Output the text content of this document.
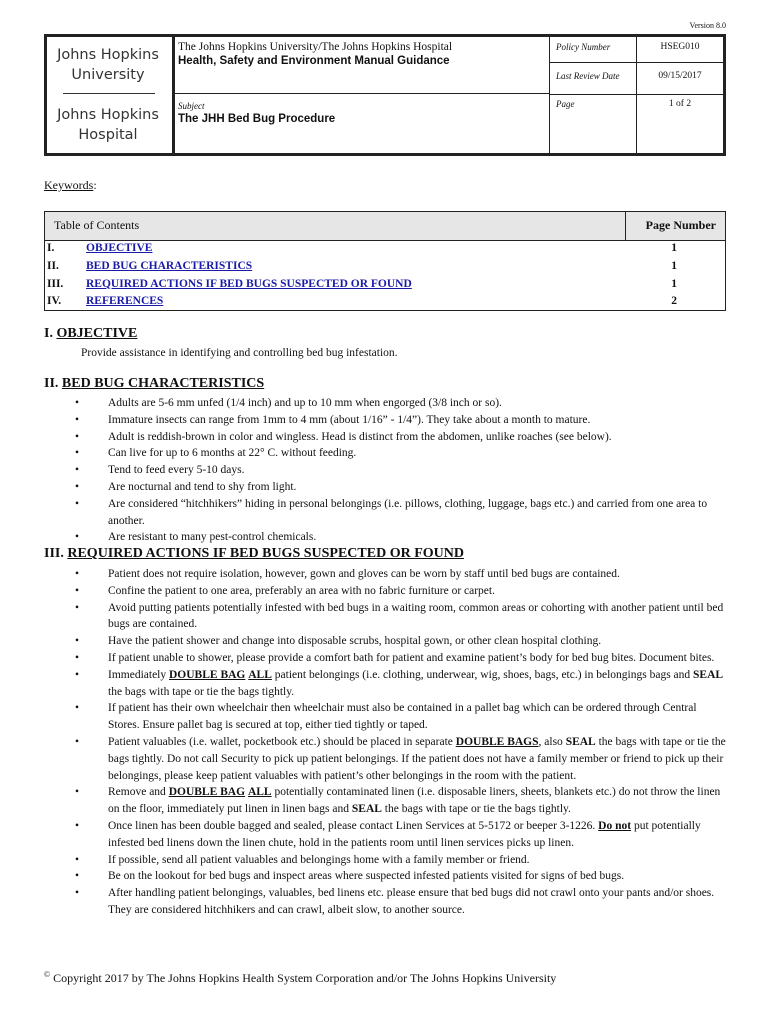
Version 8.0
Johns Hopkins
University
Johns Hopkins
Hospital
The Johns Hopkins University/The Johns Hopkins Hospital
Health, Safety and Environment Manual Guidance
Subject
The JHH Bed Bug Procedure
Policy Number	HSEG010
Last Review Date	09/15/2017
Page	1 of 2
Keywords:
Table of Contents	Page Number
I.	OBJECTIVE	1
II. BED BUG CHARACTERISTICS	1
III. REQUIRED ACTIONS IF BED BUGS SUSPECTED OR FOUND	1
IV. REFERENCES	2
I. OBJECTIVE
Provide assistance in identifying and controlling bed bug infestation.
II. BED BUG CHARACTERISTICS
• Adults are 5-6 mm unfed (1/4 inch) and up to 10 mm when engorged (3/8 inch or so).
• Immature insects can range from 1mm to 4 mm (about 1/16” - 1/4”). They take about a month to mature.
• Adult is reddish-brown in color and wingless. Head is distinct from the abdomen, unlike roaches (see below).
• Can live for up to 6 months at 22° C. without feeding.
• Tend to feed every 5-10 days.
• Are nocturnal and tend to shy from light.
• Are considered “hitchhikers” hiding in personal belongings (i.e. pillows, clothing, luggage, bags etc.) and carried from one area to another.
• Are resistant to many pest-control chemicals.
III. REQUIRED ACTIONS IF BED BUGS SUSPECTED OR FOUND
• Patient does not require isolation, however, gown and gloves can be worn by staff until bed bugs are contained.
• Confine the patient to one area, preferably an area with no fabric furniture or carpet.
• Avoid putting patients potentially infested with bed bugs in a waiting room, common areas or cohorting with another patient until bed bugs are contained.
• Have the patient shower and change into disposable scrubs, hospital gown, or other clean hospital clothing.
• If patient unable to shower, please provide a comfort bath for patient and examine patient’s body for bed bug bites. Document bites.
• Immediately DOUBLE BAG ALL patient belongings (i.e. clothing, underwear, wig, shoes, bags, etc.) in belongings bags and SEAL the bags with tape or tie the bags tightly.
• If patient has their own wheelchair then wheelchair must also be contained in a pallet bag which can be ordered through Central Stores. Ensure pallet bag is secured at top, either tied tightly or taped.
• Patient valuables (i.e. wallet, pocketbook etc.) should be placed in separate DOUBLE BAGS, also SEAL the bags with tape or tie the bags tightly. Do not call Security to pick up patient belongings. If the patient does not have a family member or friend to pick up their belongings, please keep patient valuables with patient’s other belongings in the room with the patient.
• Remove and DOUBLE BAG ALL potentially contaminated linen (i.e. disposable liners, sheets, blankets etc.) do not throw the linen on the floor, immediately put linen in linen bags and SEAL the bags with tape or tie the bags tightly.
• Once linen has been double bagged and sealed, please contact Linen Services at 5-5172 or beeper 3-1226. Do not put potentially infested bed linens down the linen chute, hold in the patients room until linen services picks up linen.
• If possible, send all patient valuables and belongings home with a family member or friend.
• Be on the lookout for bed bugs and inspect areas where suspected infested patients visited for signs of bed bugs.
• After handling patient belongings, valuables, bed linens etc. please ensure that bed bugs did not crawl onto your pants and/or shoes. They are considered hitchhikers and can crawl, albeit slow, to another source.
© Copyright 2017 by The Johns Hopkins Health System Corporation and/or The Johns Hopkins University
